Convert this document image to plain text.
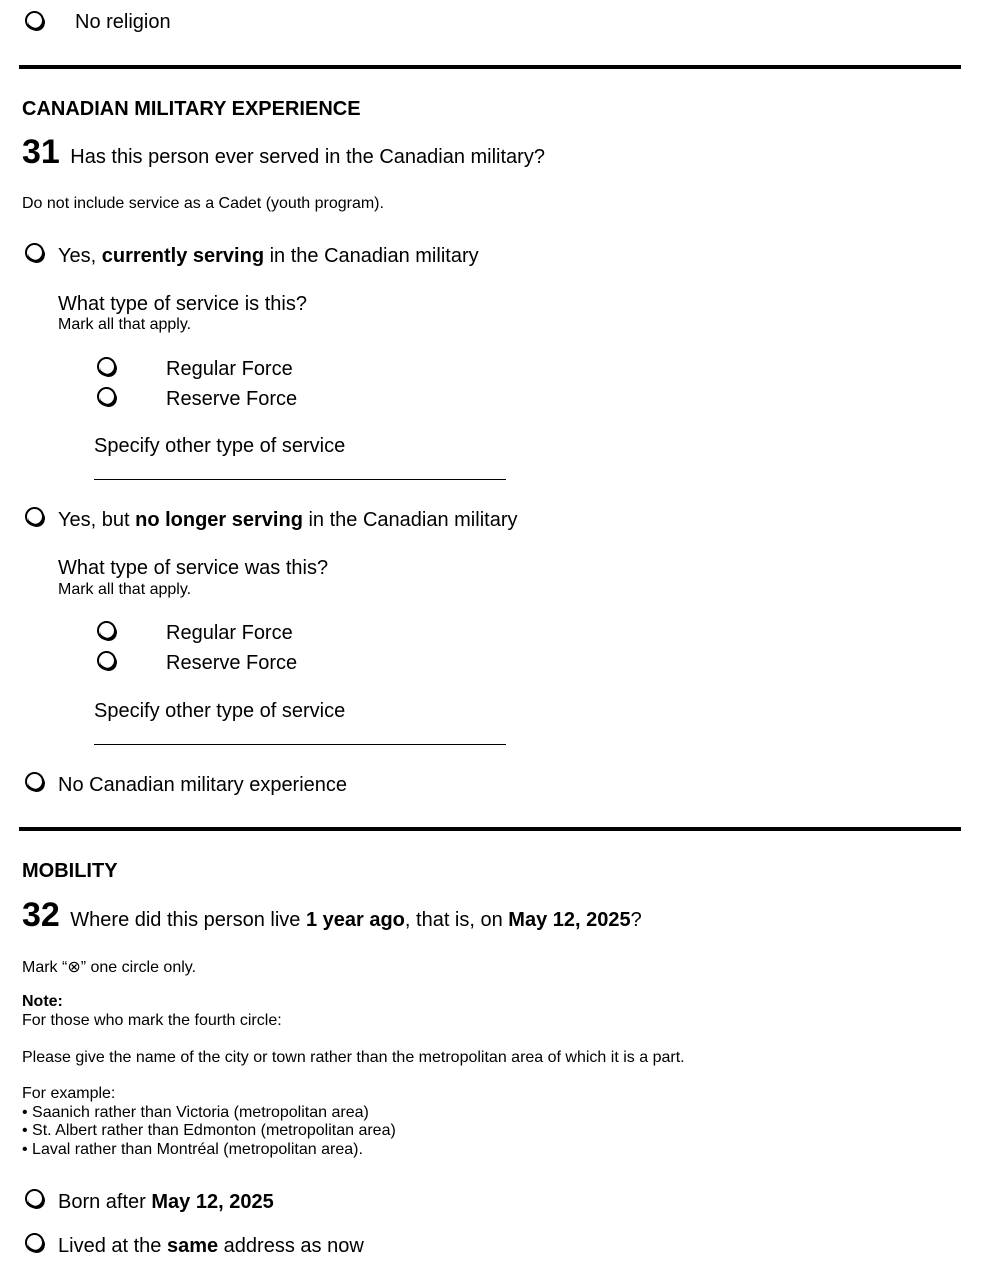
No religion
CANADIAN MILITARY EXPERIENCE
31 Has this person ever served in the Canadian military?
Do not include service as a Cadet (youth program).
Yes, currently serving in the Canadian military
What type of service is this?
Mark all that apply.
Regular Force
Reserve Force
Specify other type of service
Yes, but no longer serving in the Canadian military
What type of service was this?
Mark all that apply.
Regular Force
Reserve Force
Specify other type of service
No Canadian military experience
MOBILITY
32 Where did this person live 1 year ago, that is, on May 12, 2025?
Mark “⊗” one circle only.
Note:
For those who mark the fourth circle:
Please give the name of the city or town rather than the metropolitan area of which it is a part.
For example:
• Saanich rather than Victoria (metropolitan area)
• St. Albert rather than Edmonton (metropolitan area)
• Laval rather than Montréal (metropolitan area).
Born after May 12, 2025
Lived at the same address as now
